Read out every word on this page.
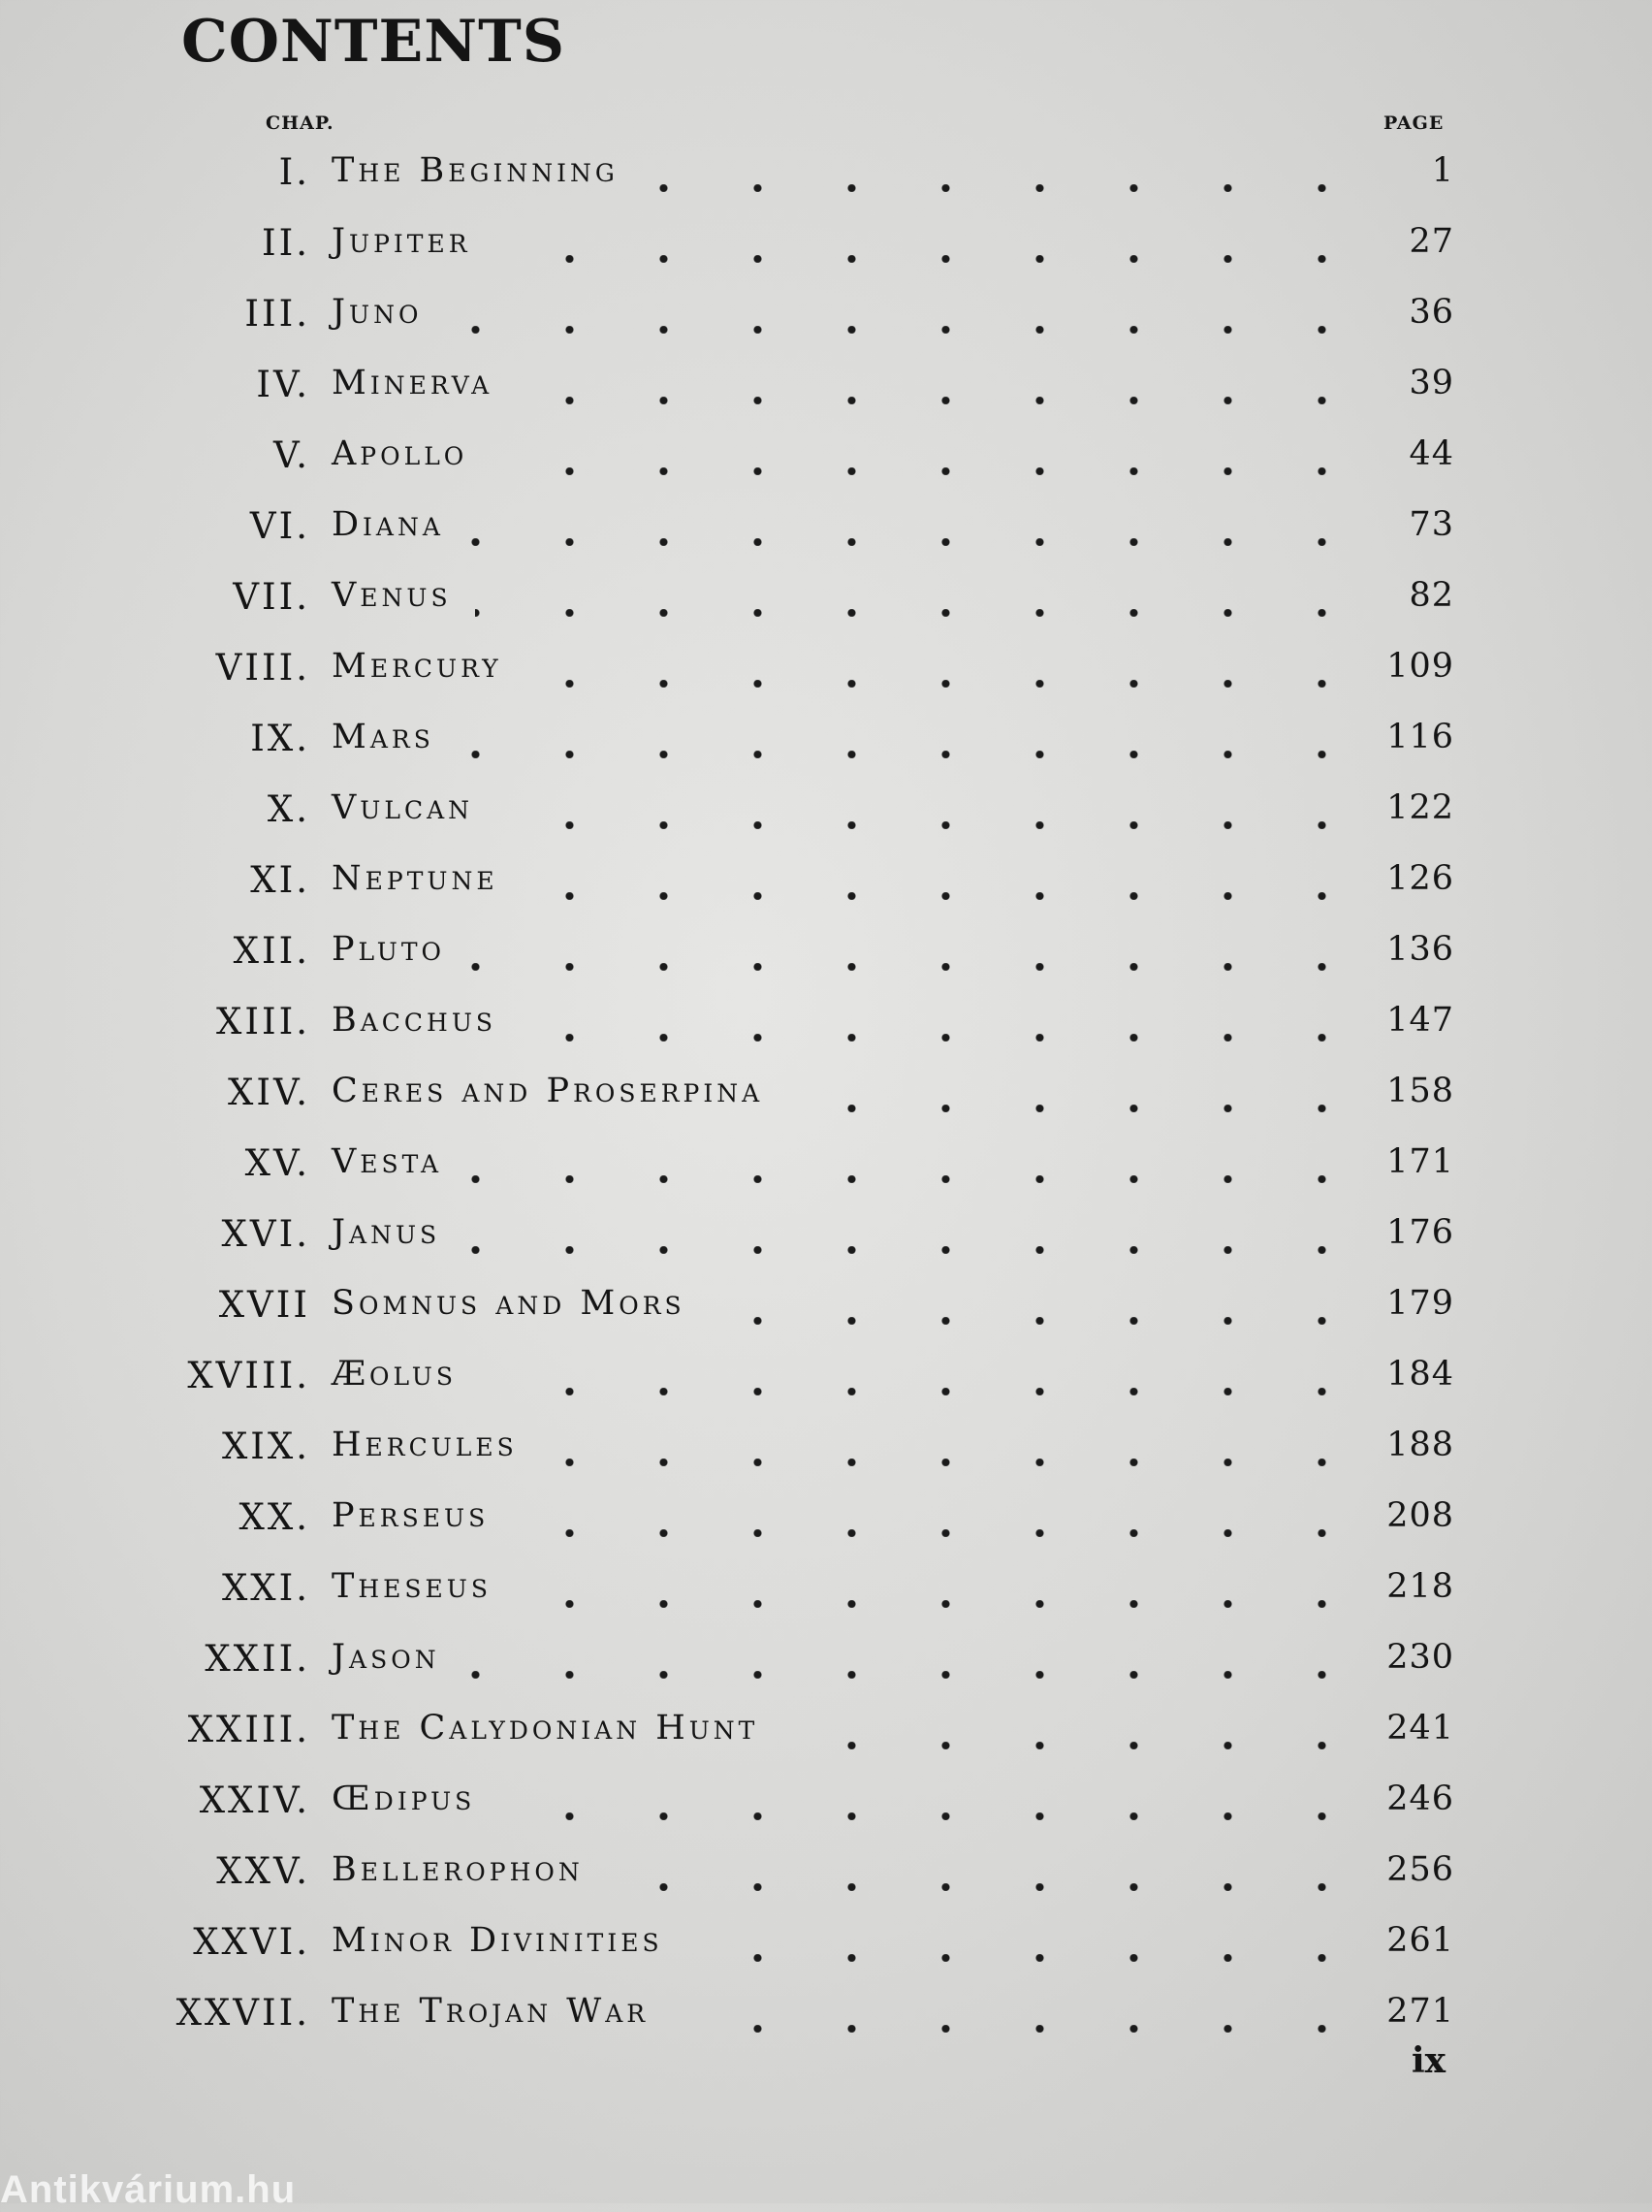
CONTENTS
CHAP.	PAGE
I. The Beginning	1
II. Jupiter	27
III. Juno	36
IV. Minerva	39
V. Apollo	44
VI. Diana	73
VII. Venus	82
VIII. Mercury	109
IX. Mars	116
X. Vulcan	122
XI. Neptune	126
XII. Pluto	136
XIII. Bacchus	147
XIV. Ceres and Proserpina	158
XV. Vesta	171
XVI. Janus	176
XVII Somnus and Mors	179
XVIII. Æolus	184
XIX. Hercules	188
XX. Perseus	208
XXI. Theseus	218
XXII. Jason	230
XXIII. The Calydonian Hunt	241
XXIV. Œdipus	246
XXV. Bellerophon	256
XXVI. Minor Divinities	261
XXVII. The Trojan War	271
ix
Antikvárium.hu
